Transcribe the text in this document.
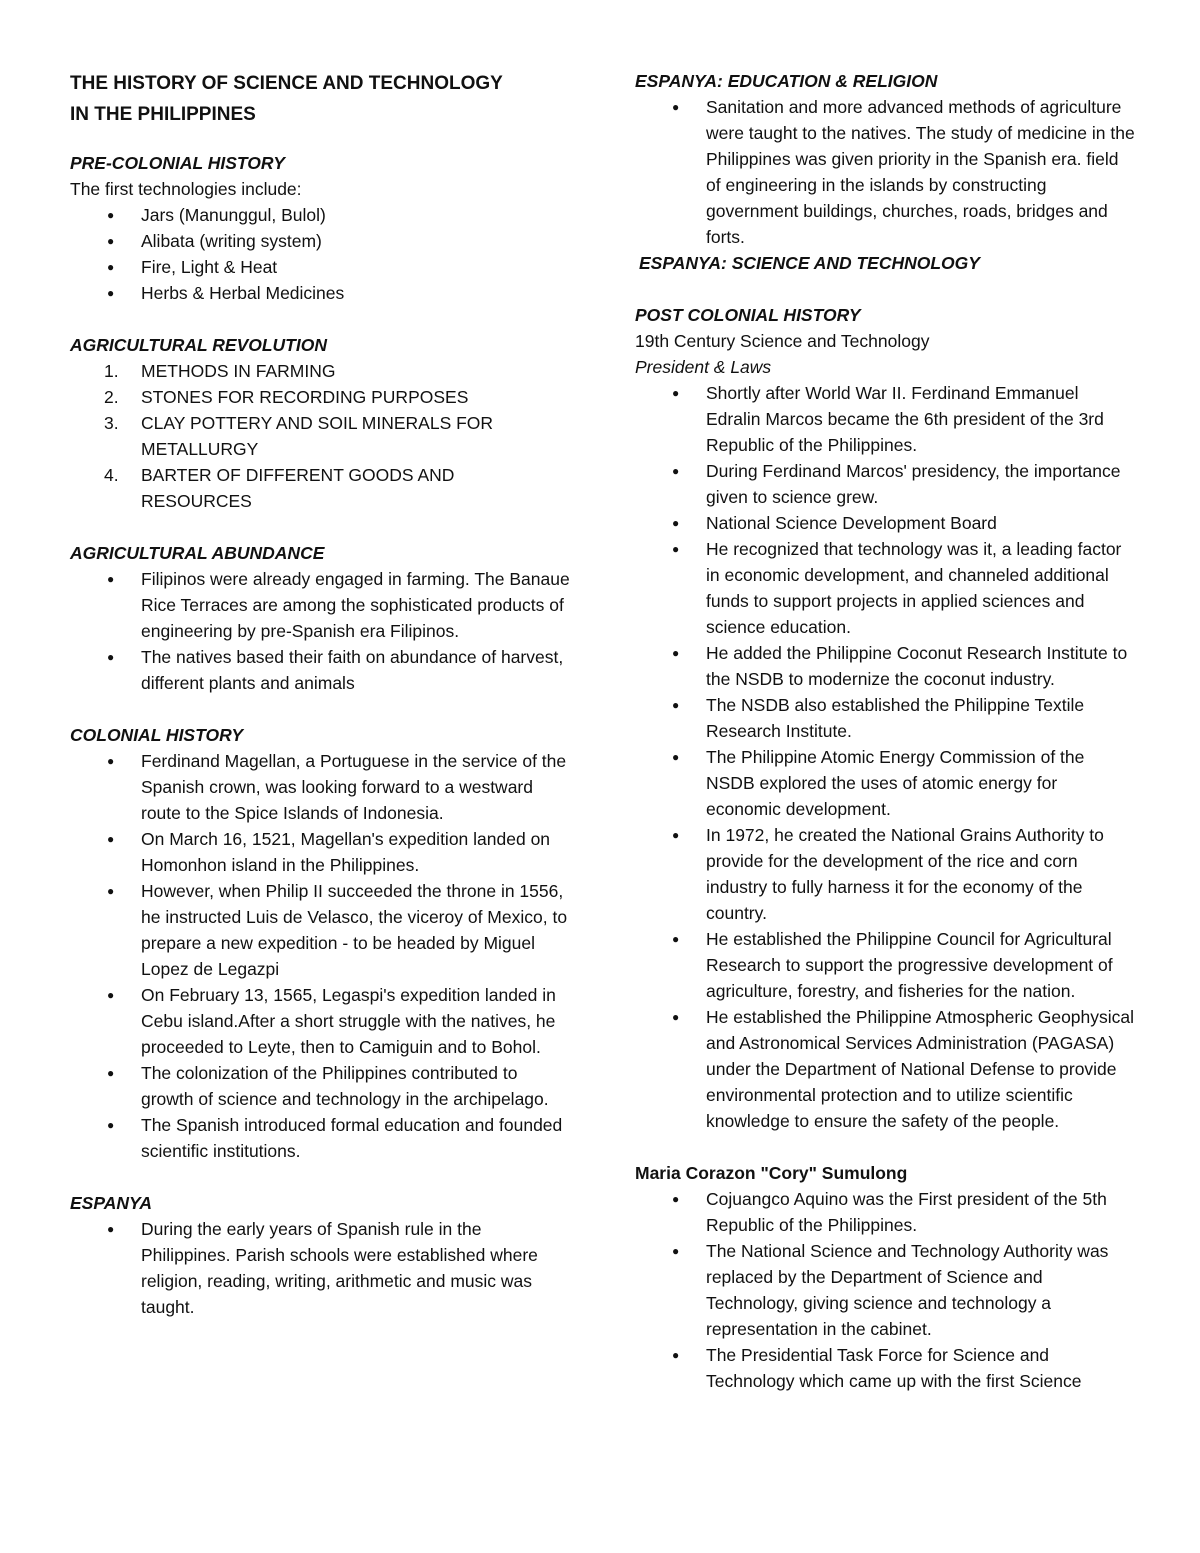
THE HISTORY OF SCIENCE AND TECHNOLOGY

IN THE PHILIPPINES

PRE-COLONIAL HISTORY

The first technologies include:

● Jars (Manunggul, Bulol)
● Alibata (writing system)
● Fire, Light & Heat
● Herbs & Herbal Medicines

AGRICULTURAL REVOLUTION

1. METHODS IN FARMING
2. STONES FOR RECORDING PURPOSES
3. CLAY POTTERY AND SOIL MINERALS FOR METALLURGY
4. BARTER OF DIFFERENT GOODS AND RESOURCES

AGRICULTURAL ABUNDANCE

● Filipinos were already engaged in farming. The Banaue Rice Terraces are among the sophisticated products of engineering by pre-Spanish era Filipinos.
● The natives based their faith on abundance of harvest, different plants and animals

COLONIAL HISTORY

● Ferdinand Magellan, a Portuguese in the service of the Spanish crown, was looking forward to a westward route to the Spice Islands of Indonesia.
● On March 16, 1521, Magellan's expedition landed on Homonhon island in the Philippines.
● However, when Philip II succeeded the throne in 1556, he instructed Luis de Velasco, the viceroy of Mexico, to prepare a new expedition - to be headed by Miguel Lopez de Legazpi
● On February 13, 1565, Legaspi's expedition landed in Cebu island.After a short struggle with the natives, he proceeded to Leyte, then to Camiguin and to Bohol.
● The colonization of the Philippines contributed to growth of science and technology in the archipelago.
● The Spanish introduced formal education and founded scientific institutions.

ESPANYA

● During the early years of Spanish rule in the Philippines. Parish schools were established where religion, reading, writing, arithmetic and music was taught.

ESPANYA: EDUCATION & RELIGION

● Sanitation and more advanced methods of agriculture were taught to the natives. The study of medicine in the Philippines was given priority in the Spanish era. field of engineering in the islands by constructing government buildings, churches, roads, bridges and forts.

ESPANYA: SCIENCE AND TECHNOLOGY

POST COLONIAL HISTORY

19th Century Science and Technology

President & Laws

● Shortly after World War II. Ferdinand Emmanuel Edralin Marcos became the 6th president of the 3rd Republic of the Philippines.
● During Ferdinand Marcos' presidency, the importance given to science grew.
● National Science Development Board
● He recognized that technology was it, a leading factor in economic development, and channeled additional funds to support projects in applied sciences and science education.
● He added the Philippine Coconut Research Institute to the NSDB to modernize the coconut industry.
● The NSDB also established the Philippine Textile Research Institute.
● The Philippine Atomic Energy Commission of the NSDB explored the uses of atomic energy for economic development.
● In 1972, he created the National Grains Authority to provide for the development of the rice and corn industry to fully harness it for the economy of the country.
● He established the Philippine Council for Agricultural Research to support the progressive development of agriculture, forestry, and fisheries for the nation.
● He established the Philippine Atmospheric Geophysical and Astronomical Services Administration (PAGASA) under the Department of National Defense to provide environmental protection and to utilize scientific knowledge to ensure the safety of the people.

Maria Corazon "Cory" Sumulong

● Cojuangco Aquino was the First president of the 5th Republic of the Philippines.
● The National Science and Technology Authority was replaced by the Department of Science and Technology, giving science and technology a representation in the cabinet.
● The Presidential Task Force for Science and Technology which came up with the first Science
